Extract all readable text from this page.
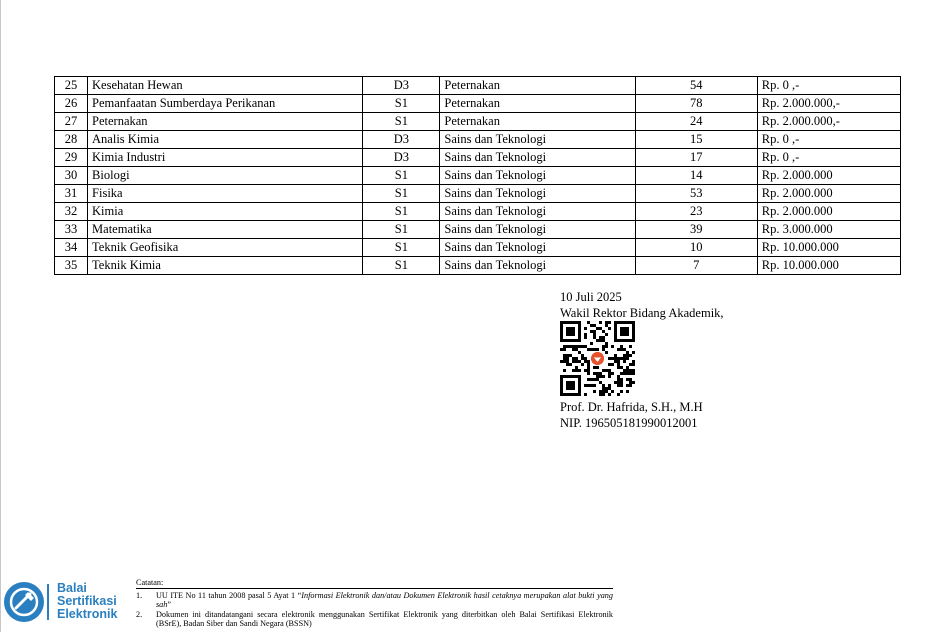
25	Kesehatan Hewan	D3	Peternakan	54	Rp. 0 ,-
26	Pemanfaatan Sumberdaya Perikanan	S1	Peternakan	78	Rp. 2.000.000,-
27	Peternakan	S1	Peternakan	24	Rp. 2.000.000,-
28	Analis Kimia	D3	Sains dan Teknologi	15	Rp. 0 ,-
29	Kimia Industri	D3	Sains dan Teknologi	17	Rp. 0 ,-
30	Biologi	S1	Sains dan Teknologi	14	Rp. 2.000.000
31	Fisika	S1	Sains dan Teknologi	53	Rp. 2.000.000
32	Kimia	S1	Sains dan Teknologi	23	Rp. 2.000.000
33	Matematika	S1	Sains dan Teknologi	39	Rp. 3.000.000
34	Teknik Geofisika	S1	Sains dan Teknologi	10	Rp. 10.000.000
35	Teknik Kimia	S1	Sains dan Teknologi	7	Rp. 10.000.000
10 Juli 2025
Wakil Rektor Bidang Akademik,
Prof. Dr. Hafrida, S.H., M.H
NIP. 196505181990012001
Balai
Sertifikasi
Elektronik
Catatan:
1.	UU ITE No 11 tahun 2008 pasal 5 Ayat 1 “Informasi Elektronik dan/atau Dokumen Elektronik hasil cetaknya merupakan alat bukti yang sah”
2.	Dokumen ini ditandatangani secara elektronik menggunakan Sertifikat Elektronik yang diterbitkan oleh Balai Sertifikasi Elektronik (BSrE), Badan Siber dan Sandi Negara (BSSN)
